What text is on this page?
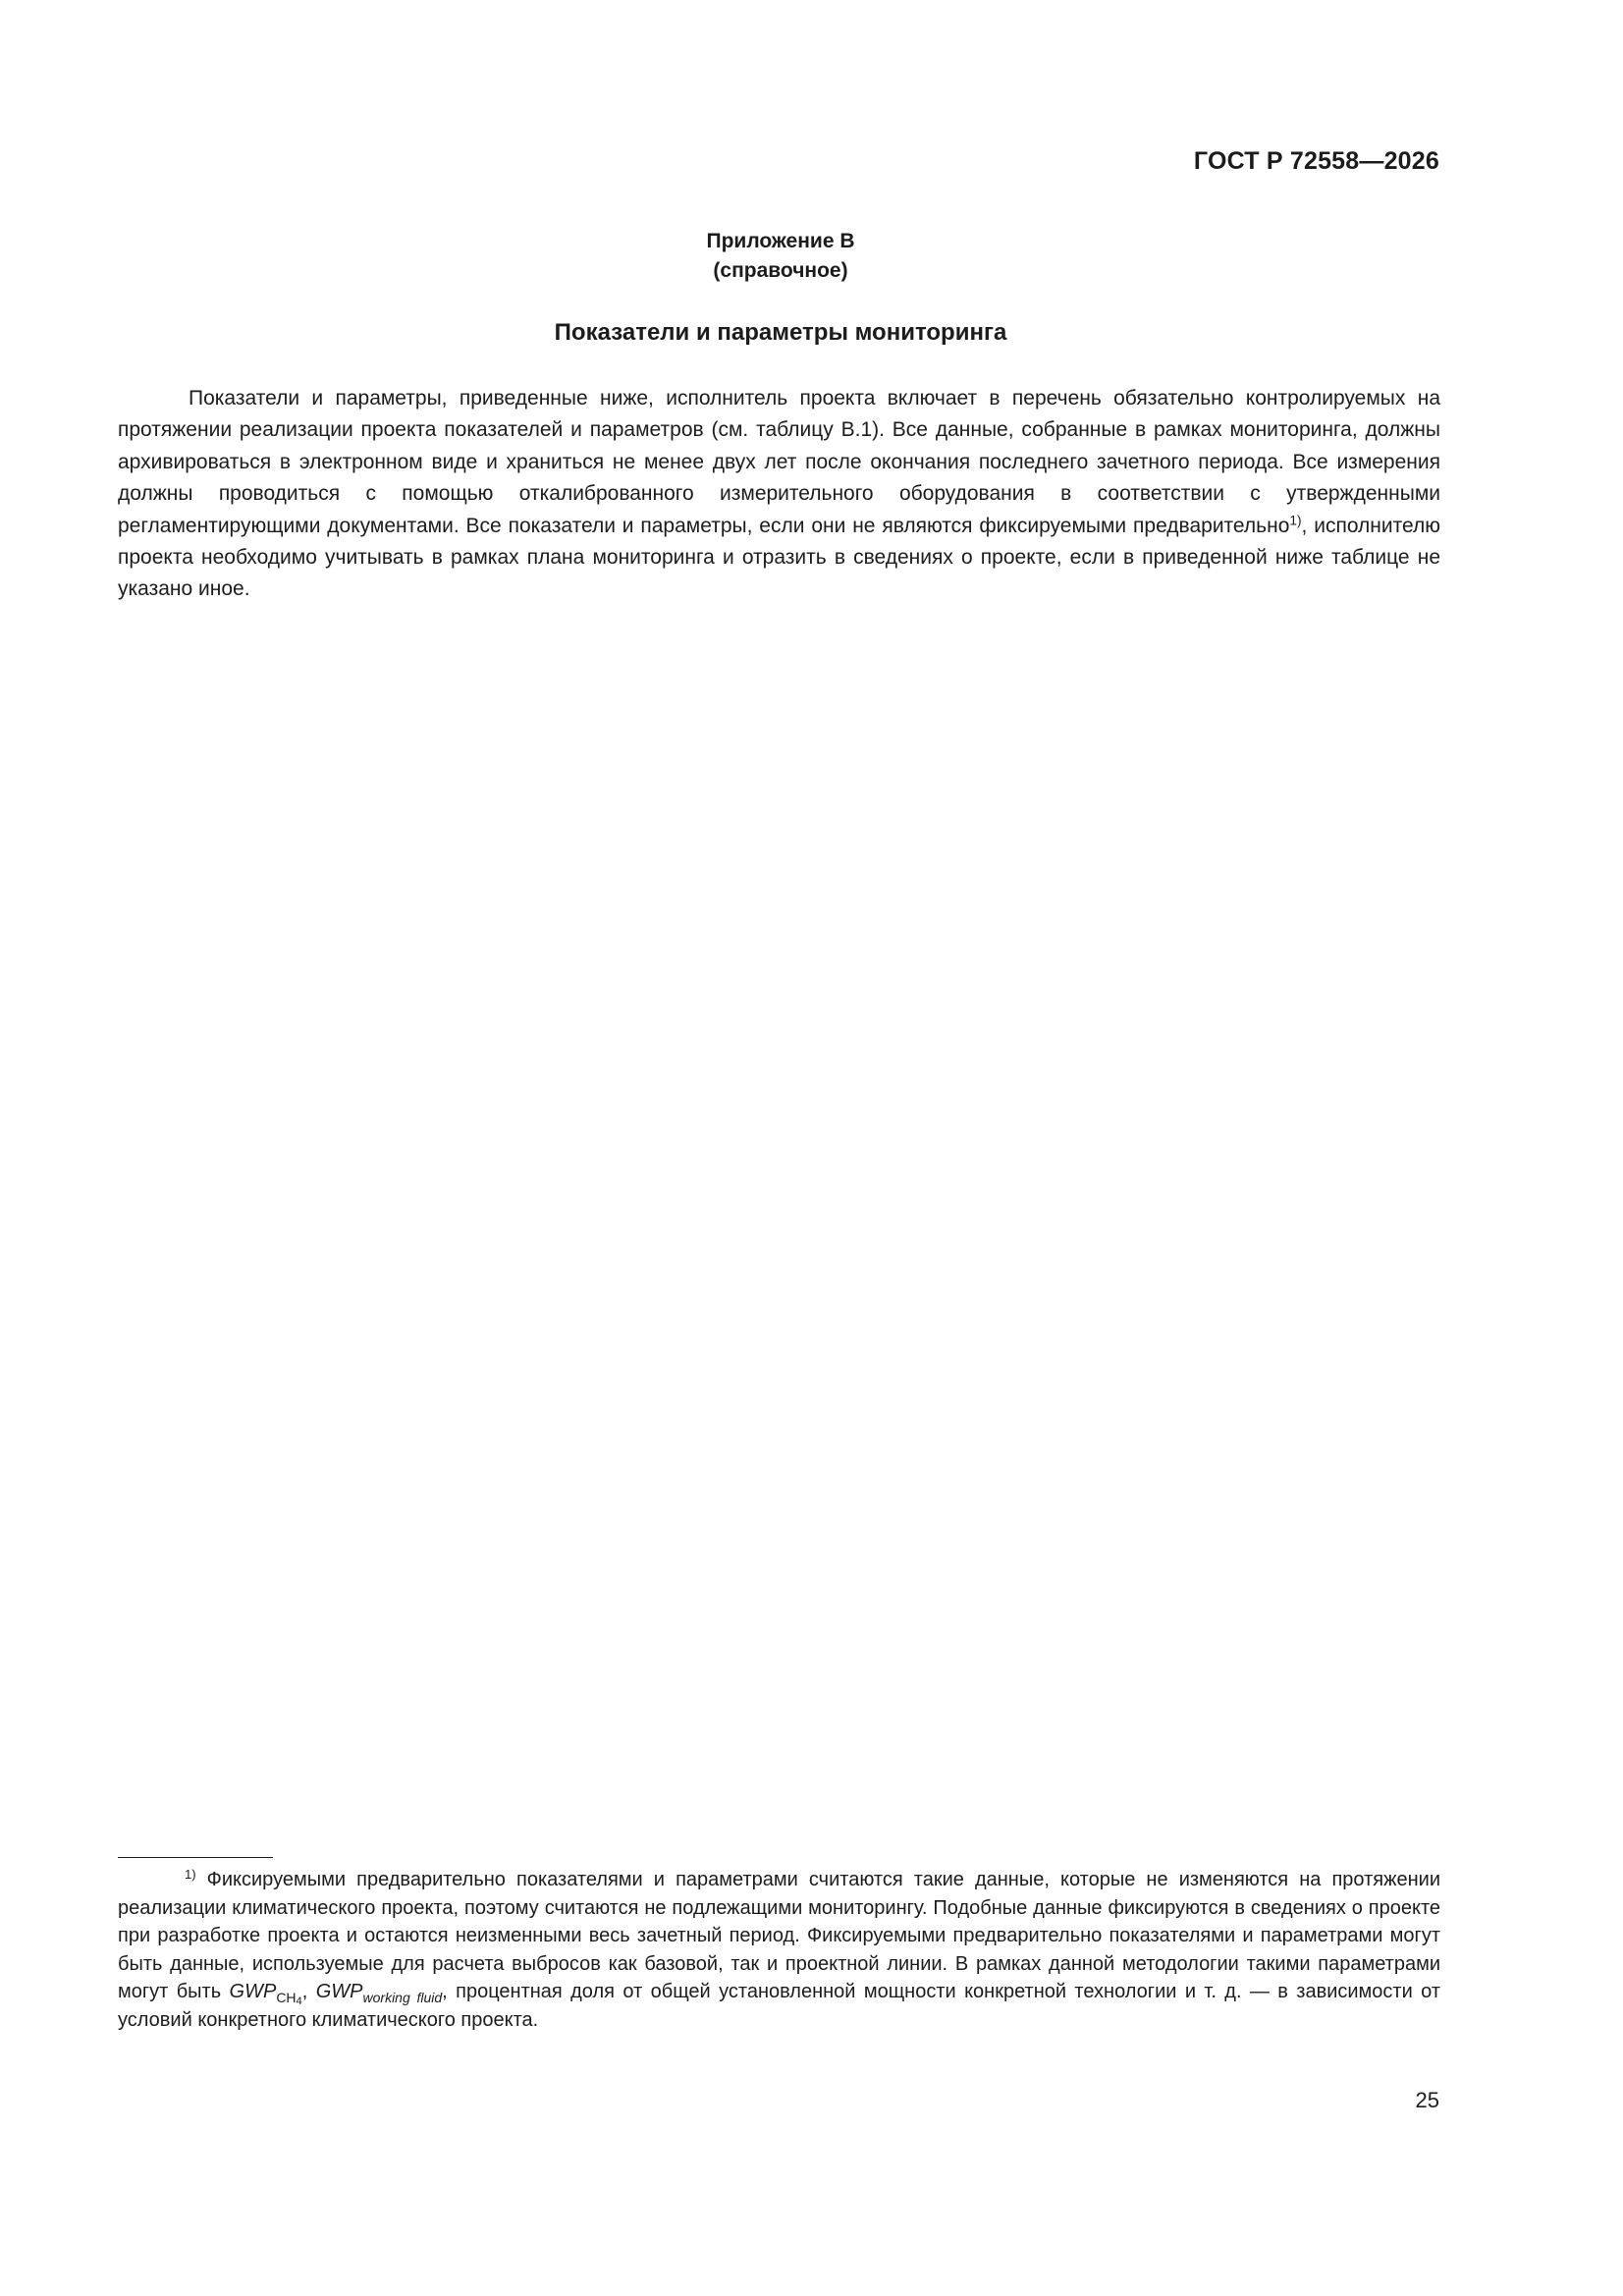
ГОСТ Р 72558—2026
Приложение В
(справочное)
Показатели и параметры мониторинга

Показатели и параметры, приведенные ниже, исполнитель проекта включает в перечень обязательно контролируемых на протяжении реализации проекта показателей и параметров (см. таблицу В.1). Все данные, собранные в рамках мониторинга, должны архивироваться в электронном виде и храниться не менее двух лет после окончания последнего зачетного периода. Все измерения должны проводиться с помощью откалиброванного измерительного оборудования в соответствии с утвержденными регламентирующими документами. Все показатели и параметры, если они не являются фиксируемыми предварительно$^{1)}$, исполнителю проекта необходимо учитывать в рамках плана мониторинга и отразить в сведениях о проекте, если в приведенной ниже таблице не указано иное.

$^{1)}$ Фиксируемыми предварительно показателями и параметрами считаются такие данные, которые не изменяются на протяжении реализации климатического проекта, поэтому считаются не подлежащими мониторингу. Подобные данные фиксируются в сведениях о проекте при разработке проекта и остаются неизменными весь зачетный период. Фиксируемыми предварительно показателями и параметрами могут быть данные, используемые для расчета выбросов как базовой, так и проектной линии. В рамках данной методологии такими параметрами могут быть $GWP_{CH_4}$, $GWP_{working fluid}$, процентная доля от общей установленной мощности конкретной технологии и т. д. — в зависимости от условий конкретного климатического проекта.

25
